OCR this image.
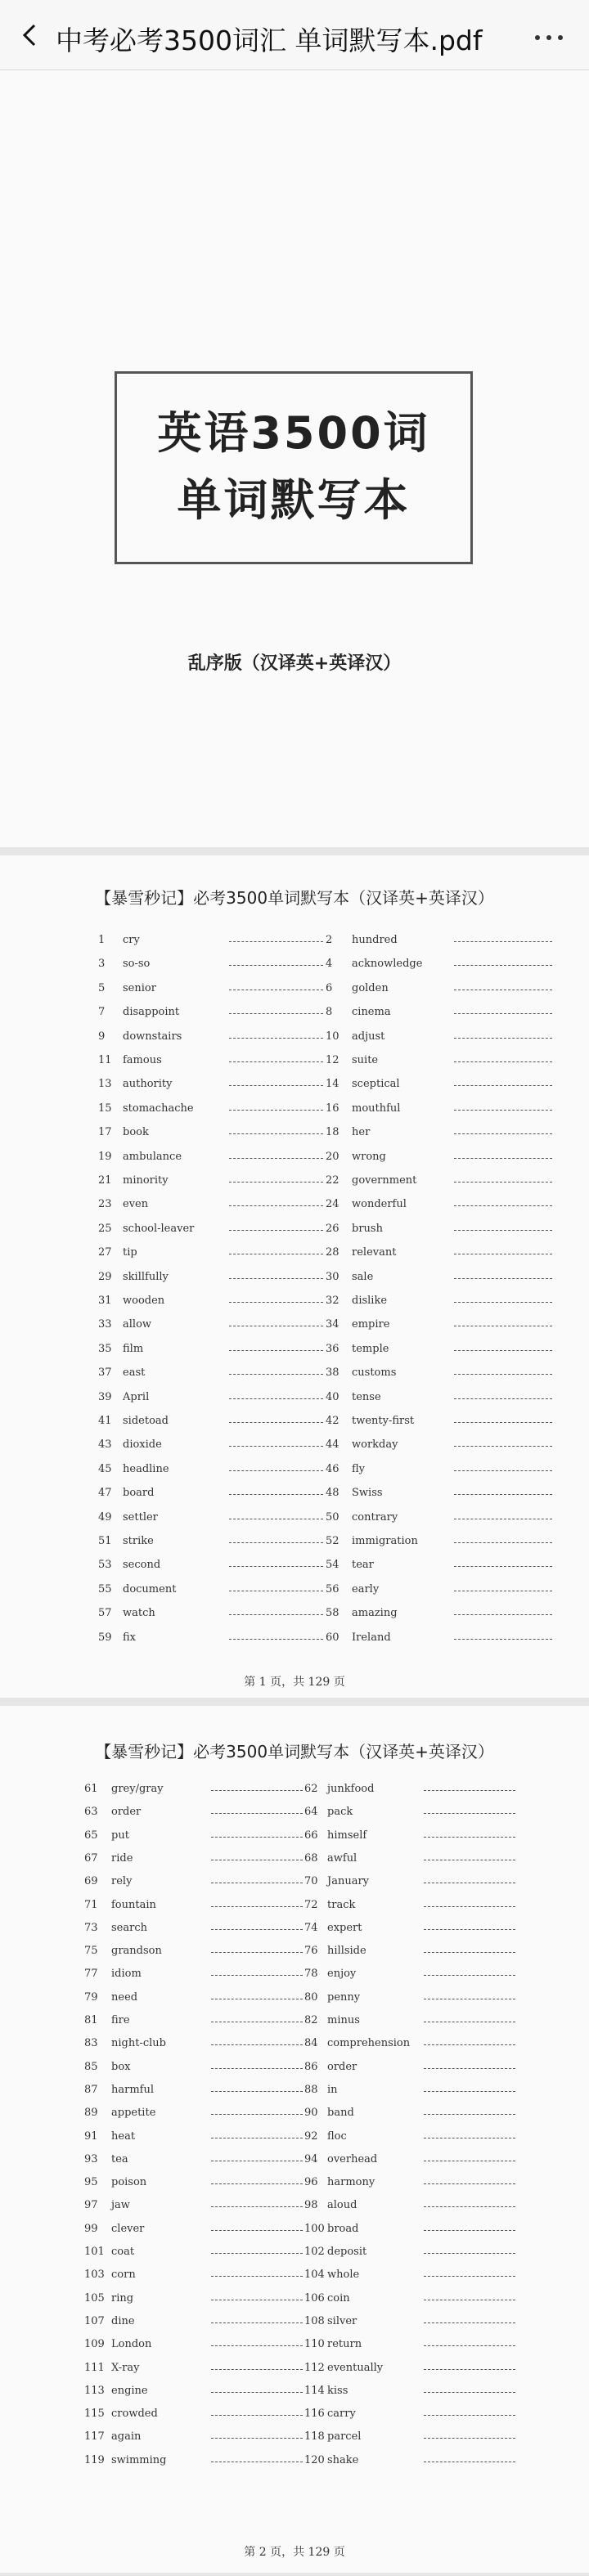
中考必考3500词汇 单词默写本.pdf
英语3500词
单词默写本
乱序版（汉译英+英译汉）
【暴雪秒记】必考3500单词默写本（汉译英+英译汉）
第 1 页，共 129 页
1 cry	2 hundred
3 so-so	4 acknowledge
5 senior	6 golden
7 disappoint	8 cinema
9 downstairs	10 adjust
11 famous	12 suite
13 authority	14 sceptical
15 stomachache	16 mouthful
17 book	18 her
19 ambulance	20 wrong
21 minority	22 government
23 even	24 wonderful
25 school-leaver	26 brush
27 tip	28 relevant
29 skillfully	30 sale
31 wooden	32 dislike
33 allow	34 empire
35 film	36 temple
37 east	38 customs
39 April	40 tense
41 sidetoad	42 twenty-first
43 dioxide	44 workday
45 headline	46 fly
47 board	48 Swiss
49 settler	50 contrary
51 strike	52 immigration
53 second	54 tear
55 document	56 early
57 watch	58 amazing
59 fix	60 Ireland
【暴雪秒记】必考3500单词默写本（汉译英+英译汉）
第 2 页，共 129 页
61 grey/gray	62 junkfood
63 order	64 pack
65 put	66 himself
67 ride	68 awful
69 rely	70 January
71 fountain	72 track
73 search	74 expert
75 grandson	76 hillside
77 idiom	78 enjoy
79 need	80 penny
81 fire	82 minus
83 night-club	84 comprehension
85 box	86 order
87 harmful	88 in
89 appetite	90 band
91 heat	92 floc
93 tea	94 overhead
95 poison	96 harmony
97 jaw	98 aloud
99 clever	100 broad
101 coat	102 deposit
103 corn	104 whole
105 ring	106 coin
107 dine	108 silver
109 London	110 return
111 X-ray	112 eventually
113 engine	114 kiss
115 crowded	116 carry
117 again	118 parcel
119 swimming	120 shake
